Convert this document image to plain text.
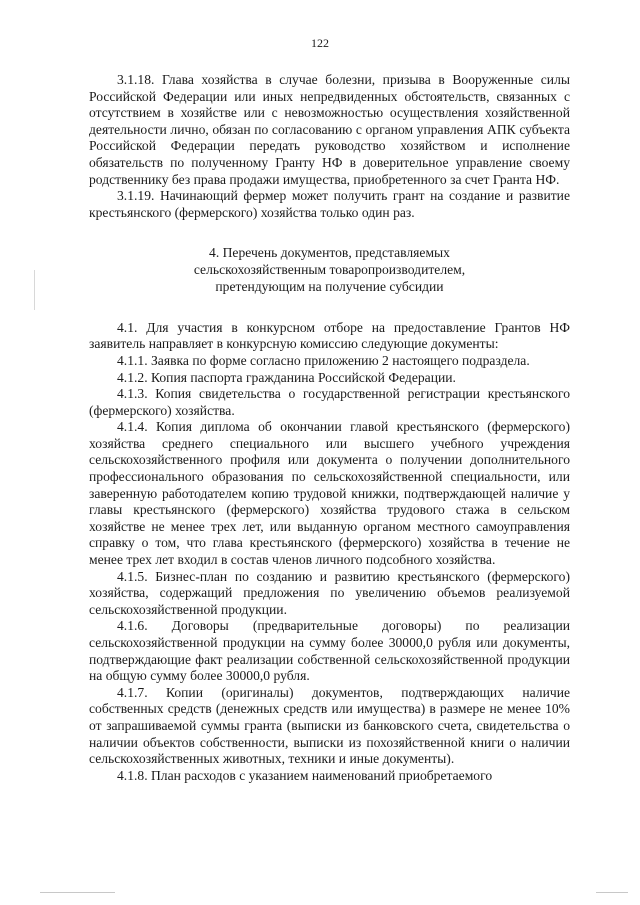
122

3.1.18. Глава хозяйства в случае болезни, призыва в Вооруженные силы Российской Федерации или иных непредвиденных обстоятельств, связанных с отсутствием в хозяйстве или с невозможностью осуществления хозяйственной деятельности лично, обязан по согласованию с органом управления АПК субъекта Российской Федерации передать руководство хозяйством и исполнение обязательств по полученному Гранту НФ в доверительное управление своему родственнику без права продажи имущества, приобретенного за счет Гранта НФ.

3.1.19. Начинающий фермер может получить грант на создание и развитие крестьянского (фермерского) хозяйства только один раз.

4. Перечень документов, представляемых
сельскохозяйственным товаропроизводителем,
претендующим на получение субсидии

4.1. Для участия в конкурсном отборе на предоставление Грантов НФ заявитель направляет в конкурсную комиссию следующие документы:

4.1.1. Заявка по форме согласно приложению 2 настоящего подраздела.

4.1.2. Копия паспорта гражданина Российской Федерации.

4.1.3. Копия свидетельства о государственной регистрации крестьянского (фермерского) хозяйства.

4.1.4. Копия диплома об окончании главой крестьянского (фермерского) хозяйства среднего специального или высшего учебного учреждения сельскохозяйственного профиля или документа о получении дополнительного профессионального образования по сельскохозяйственной специальности, или заверенную работодателем копию трудовой книжки, подтверждающей наличие у главы крестьянского (фермерского) хозяйства трудового стажа в сельском хозяйстве не менее трех лет, или выданную органом местного самоуправления справку о том, что глава крестьянского (фермерского) хозяйства в течение не менее трех лет входил в состав членов личного подсобного хозяйства.

4.1.5. Бизнес-план по созданию и развитию крестьянского (фермерского) хозяйства, содержащий предложения по увеличению объемов реализуемой сельскохозяйственной продукции.

4.1.6. Договоры (предварительные договоры) по реализации сельскохозяйственной продукции на сумму более 30000,0 рубля или документы, подтверждающие факт реализации собственной сельскохозяйственной продукции на общую сумму более 30000,0 рубля.

4.1.7. Копии (оригиналы) документов, подтверждающих наличие собственных средств (денежных средств или имущества) в размере не менее 10% от запрашиваемой суммы гранта (выписки из банковского счета, свидетельства о наличии объектов собственности, выписки из похозяйственной книги о наличии сельскохозяйственных животных, техники и иные документы).

4.1.8. План расходов с указанием наименований приобретаемого
